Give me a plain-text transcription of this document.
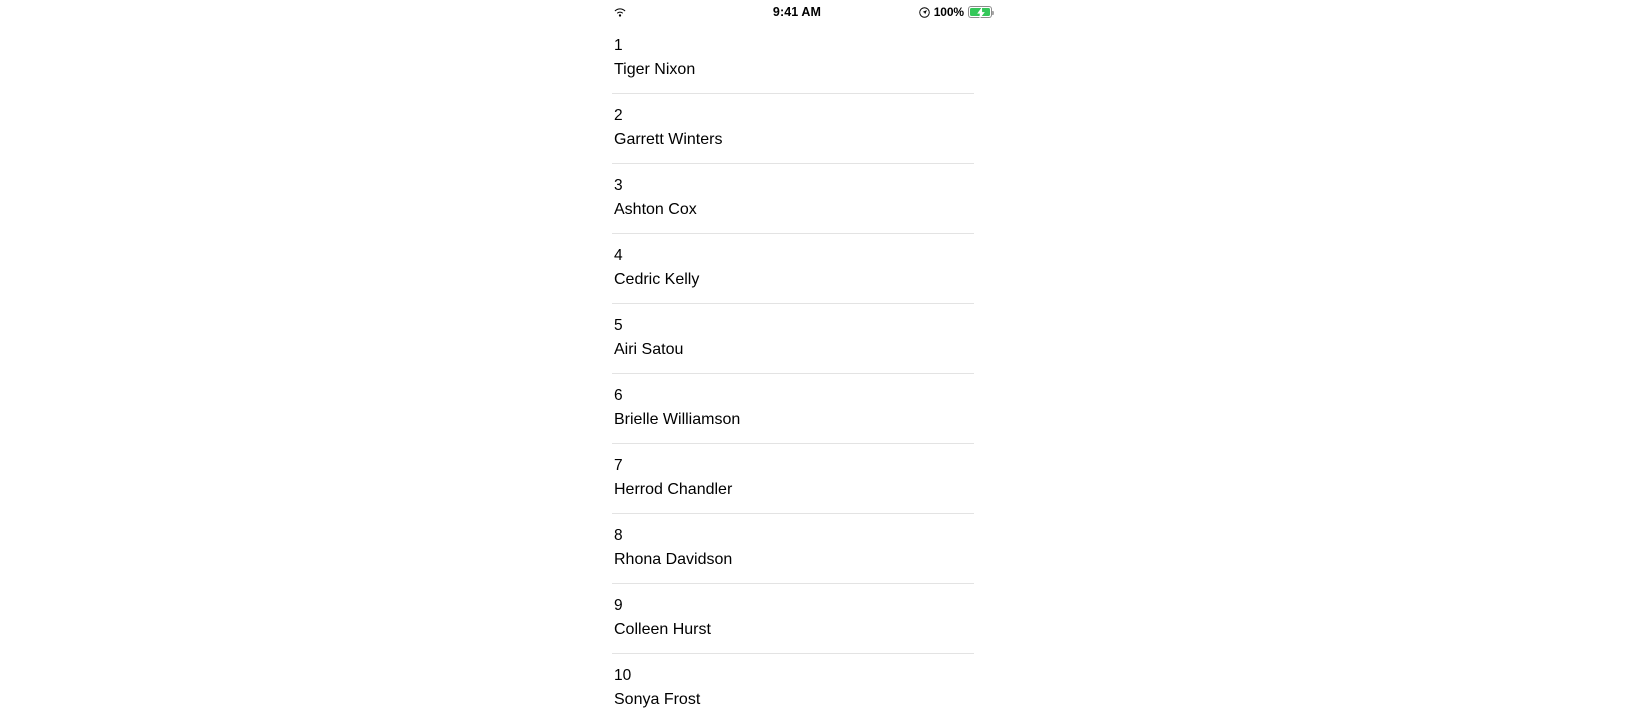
9:41 AM	100%
1
Tiger Nixon
2
Garrett Winters
3
Ashton Cox
4
Cedric Kelly
5
Airi Satou
6
Brielle Williamson
7
Herrod Chandler
8
Rhona Davidson
9
Colleen Hurst
10
Sonya Frost
